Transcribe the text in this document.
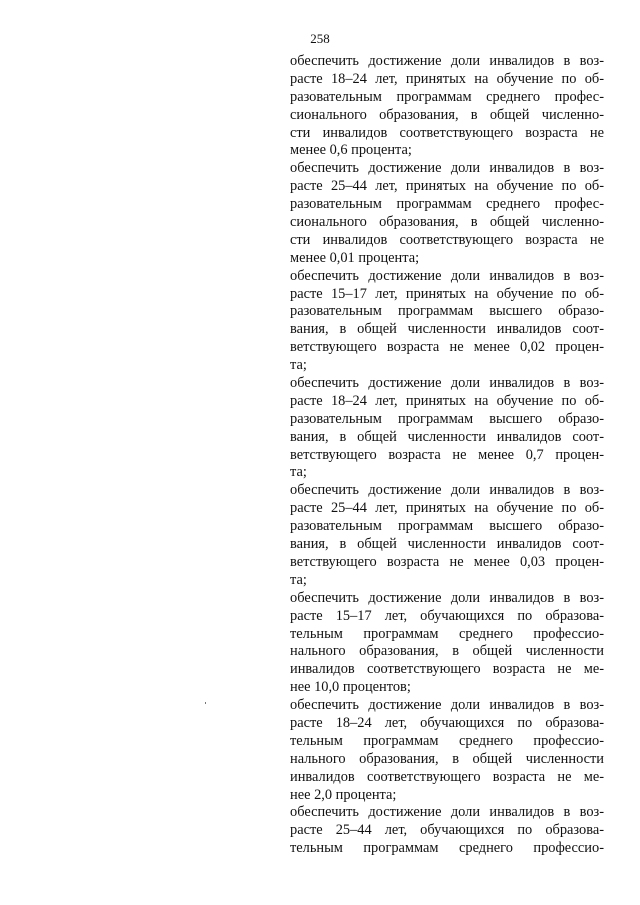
258
обеспечить достижение доли инвалидов в воз-
расте 18–24 лет, принятых на обучение по об-
разовательным программам среднего профес-
сионального образования, в общей численно-
сти инвалидов соответствующего возраста не
менее 0,6 процента;
обеспечить достижение доли инвалидов в воз-
расте 25–44 лет, принятых на обучение по об-
разовательным программам среднего профес-
сионального образования, в общей численно-
сти инвалидов соответствующего возраста не
менее 0,01 процента;
обеспечить достижение доли инвалидов в воз-
расте 15–17 лет, принятых на обучение по об-
разовательным программам высшего образо-
вания, в общей численности инвалидов соот-
ветствующего возраста не менее 0,02 процен-
та;
обеспечить достижение доли инвалидов в воз-
расте 18–24 лет, принятых на обучение по об-
разовательным программам высшего образо-
вания, в общей численности инвалидов соот-
ветствующего возраста не менее 0,7 процен-
та;
обеспечить достижение доли инвалидов в воз-
расте 25–44 лет, принятых на обучение по об-
разовательным программам высшего образо-
вания, в общей численности инвалидов соот-
ветствующего возраста не менее 0,03 процен-
та;
обеспечить достижение доли инвалидов в воз-
расте 15–17 лет, обучающихся по образова-
тельным программам среднего профессио-
нального образования, в общей численности
инвалидов соответствующего возраста не ме-
нее 10,0 процентов;
обеспечить достижение доли инвалидов в воз-
расте 18–24 лет, обучающихся по образова-
тельным программам среднего профессио-
нального образования, в общей численности
инвалидов соответствующего возраста не ме-
нее 2,0 процента;
обеспечить достижение доли инвалидов в воз-
расте 25–44 лет, обучающихся по образова-
тельным программам среднего профессио-
